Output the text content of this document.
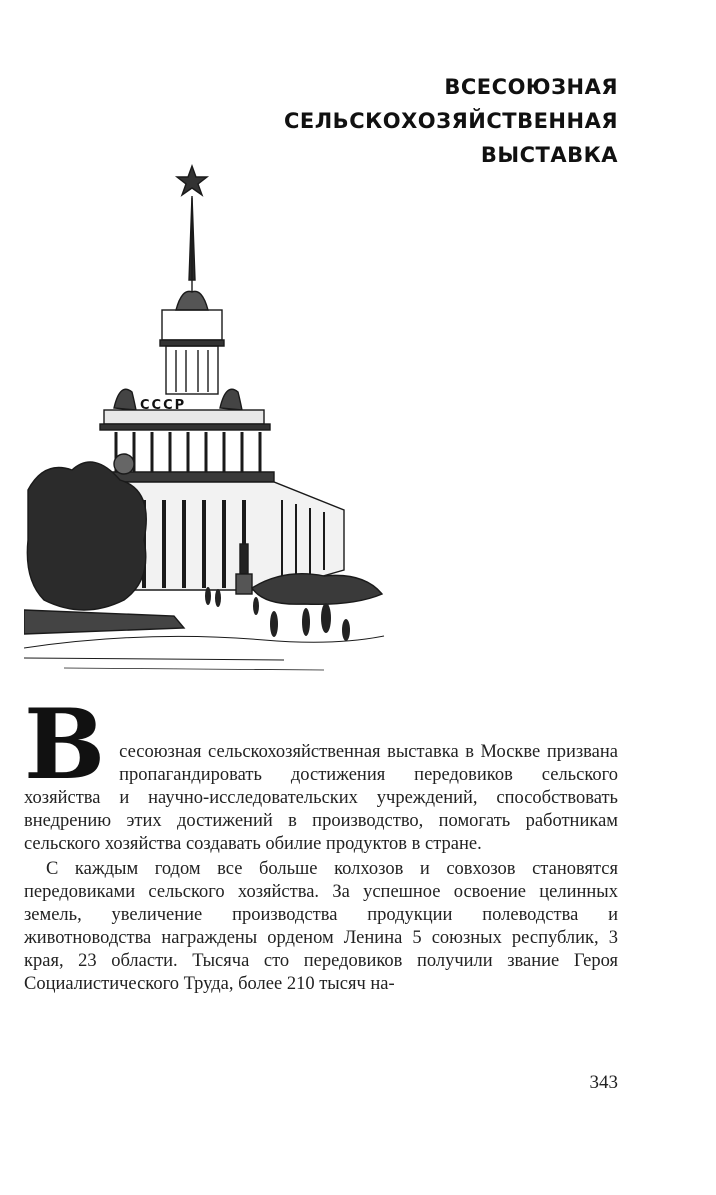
ВСЕСОЮЗНАЯ
СЕЛЬСКОХОЗЯЙСТВЕННАЯ
ВЫСТАВКА
СССР
В сесоюзная сельскохозяйственная выставка в Москве призвана пропагандировать достижения передовиков сельского хозяйства и научно-исследовательских учреждений, способствовать внедрению этих достижений в производство, помогать работникам сельского хозяйства создавать обилие продуктов в стране.

С каждым годом все больше колхозов и совхозов становятся передовиками сельского хозяйства. За успешное освоение целинных земель, увеличение производства продукции полеводства и животноводства награждены орденом Ленина 5 союзных республик, 3 края, 23 области. Тысяча сто передовиков получили звание Героя Социалистического Труда, более 210 тысяч на-

343
